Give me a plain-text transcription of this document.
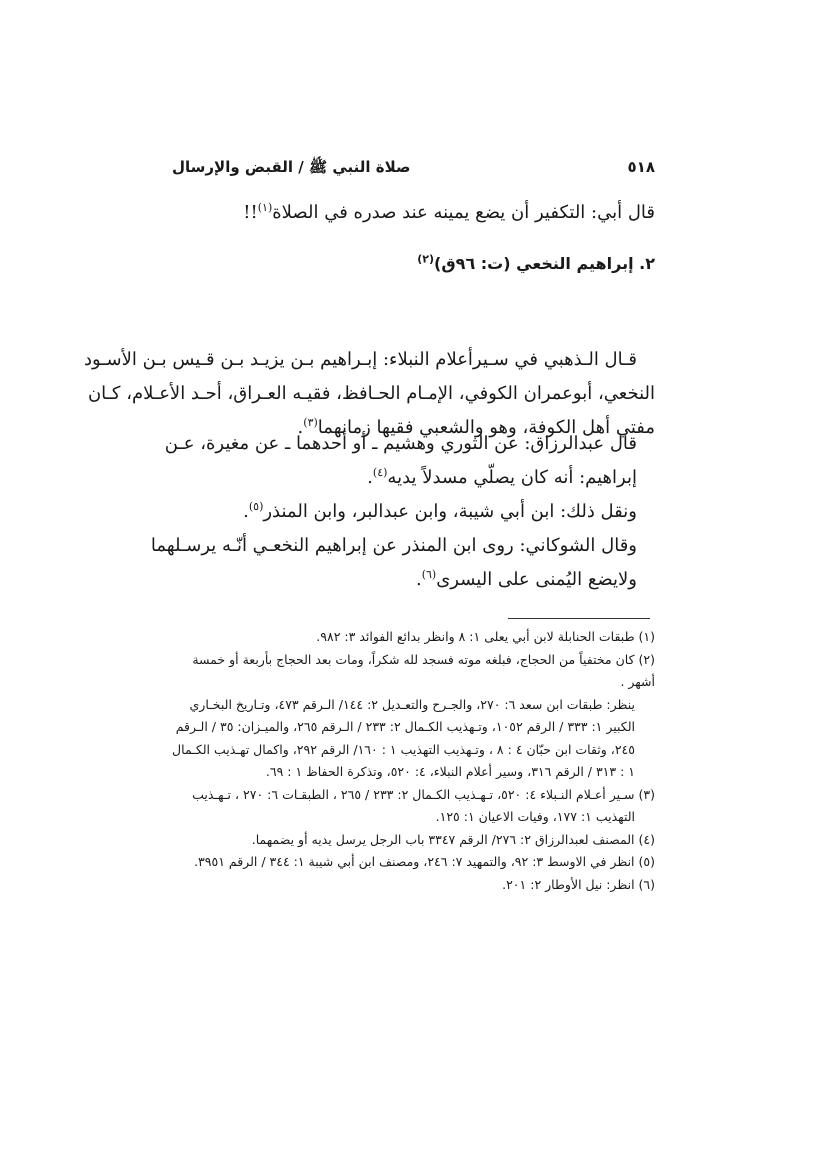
٥١٨
صلاة النبي ﷺ / القبض والإرسال
قال أبي: التكفير أن يضع يمينه عند صدره في الصلاة$^{(١)}$!!
٢. إبراهيم النخعي (ت: ٩٦ق)$^{(٢)}$
قـال الـذهبي في سـيرأعلام النبلاء: إبـراهيم بـن يزيـد بـن قـيس بـن الأسـود
النخعي، أبوعمران الكوفي، الإمـام الحـافظ، فقيـه العـراق، أحـد الأعـلام، كـان
مفتي أهل الكوفة، وهو والشعبي فقيها زمانهما$^{(٣)}$.
قال عبدالرزاق: عن الثوري وهشيم ـ أو أحدهما ـ عن مغيرة، عـن
إبراهيم: أنه كان يصلّي مسدلاً يديه$^{(٤)}$.
ونقل ذلك: ابن أبي شيبة، وابن عبدالبر، وابن المنذر$^{(٥)}$.
وقال الشوكاني: روى ابن المنذر عن إبراهيم النخعـي أنّـه يرسـلهما
ولايضع اليُمنى على اليسرى$^{(٦)}$.

(١) طبقات الحنابلة لابن أبي يعلى ١: ٨ وانظر بدائع الفوائد ٣: ٩٨٢.

(٢) كان مختفياً من الحجاج، فبلغه موته فسجد لله شكراً، ومات بعد الحجاج بأربعة أو خمسة أشهر .

ينظر: طبقات ابن سعد ٦: ٢٧٠، والجـرح والتعـديل ٢: ١٤٤/ الـرقم ٤٧٣، وتـاريخ البخـاري

الكبير ١: ٣٣٣ / الرقم ١٠٥٢، وتـهذيب الكـمال ٢: ٢٣٣ / الـرقم ٢٦٥، والميـزان: ٣٥ / الـرقم

٢٤٥، وثقات ابن حبّان ٤ : ٨ ، وتـهذيب التهذيب ١ : ١٦٠/ الرقم ٢٩٢، واكمال تهـذيب الكـمال

١ : ٣١٣ / الرقم ٣١٦، وسير أعلام النبلاء، ٤: ٥٢٠، وتذكرة الحفاظ ١ : ٦٩.

(٣) سـير أعـلام النـبلاء ٤: ٥٢٠، تـهـذيب الكـمال ٢: ٢٣٣ / ٢٦٥ ، الطبقـات ٦: ٢٧٠ ، تـهـذيب

التهذيب ١: ١٧٧، وفيات الاعيان ١: ١٢٥.

(٤) المصنف لعبدالرزاق ٢: ٢٧٦/ الرقم ٣٣٤٧ باب الرجل يرسل يديه أو يضمهما.

(٥) انظر في الاوسط ٣: ٩٢، والتمهيد ٧: ٢٤٦، ومصنف ابن أبي شيبة ١: ٣٤٤ / الرقم ٣٩٥١.

(٦) انظر: نيل الأوطار ٢: ٢٠١.
